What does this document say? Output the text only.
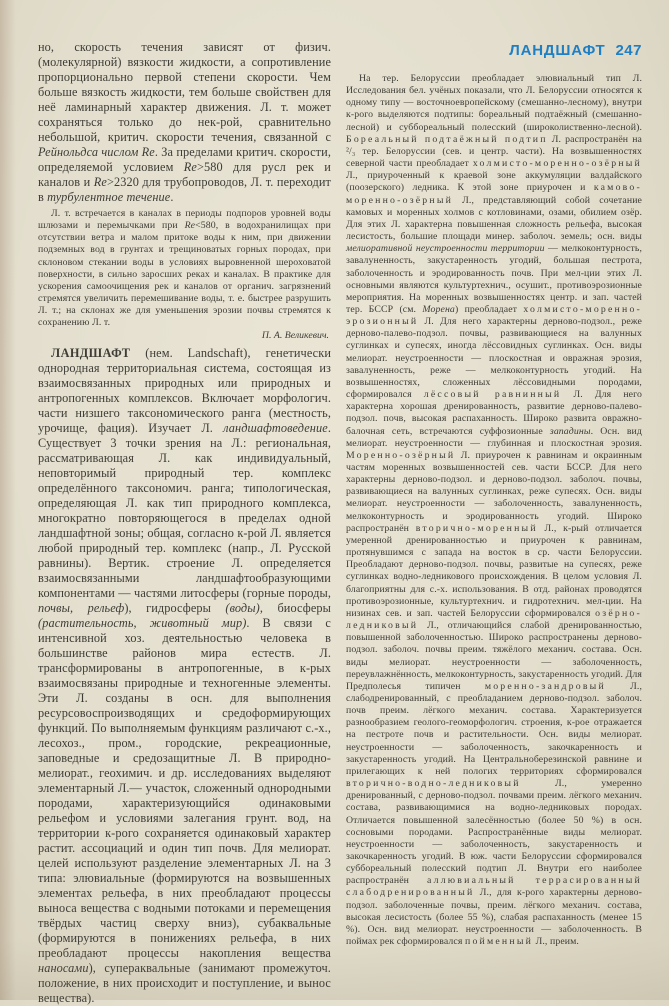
но, скорость течения зависят от физич. (молекулярной) вязкости жидкости, а сопротивление пропорционально первой степени скорости. Чем больше вязкость жидкости, тем больше свойствен для неё ламинарный характер движения. Л. т. может сохраняться только до нек-рой, сравнительно небольшой, критич. скорости течения, связанной с Рейнольдса числом Re. За пределами критич. скорости, определяемой условием Re>580 для русл рек и каналов и Re>2320 для трубопроводов, Л. т. переходит в турбулентное течение.

Л. т. встречается в каналах в периоды подпоров уровней воды шлюзами и перемычками при Re<580, в водохранилищах при отсутствии ветра и малом притоке воды к ним, при движении подземных вод в грунтах и трещиноватых горных породах, при склоновом стекании воды в условиях выровненной шероховатой поверхности, в сильно заросших реках и каналах. В практике для ускорения самоочищения рек и каналов от органич. загрязнений стремятся увеличить перемешивание воды, т. е. быстрее разрушить Л. т.; на склонах же для уменьшения эрозии почвы стремятся к сохранению Л. т.

П. А. Великевич.

ЛАНДШАФТ (нем. Landschaft), генетически однородная территориальная система, состоящая из взаимосвязанных природных или природных и антропогенных комплексов. Включает морфологич. части низшего таксономического ранга (местность, урочище, фация). Изучает Л. ландшафтоведение. Существует 3 точки зрения на Л.: региональная, рассматривающая Л. как индивидуальный, неповторимый природный тер. комплекс определённого таксономич. ранга; типологическая, определяющая Л. как тип природного комплекса, многократно повторяющегося в пределах одной ландшафтной зоны; общая, согласно к-рой Л. является любой природный тер. комплекс (напр., Л. Русской равнины). Вертик. строение Л. определяется взаимосвязанными ландшафтообразующими компонентами — частями литосферы (горные породы, почвы, рельеф), гидросферы (воды), биосферы (растительность, животный мир). В связи с интенсивной хоз. деятельностью человека в большинстве районов мира естеств. Л. трансформированы в антропогенные, в к-рых взаимосвязаны природные и техногенные элементы. Эти Л. созданы в осн. для выполнения ресурсовоспроизводящих и средоформирующих функций. По выполняемым функциям различают с.-х., лесохоз., пром., городские, рекреационные, заповедные и средозащитные Л. В природно-мелиорат., геохимич. и др. исследованиях выделяют элементарный Л.— участок, сложенный однородными породами, характеризующийся одинаковыми рельефом и условиями залегания грунт. вод, на территории к-рого сохраняется одинаковый характер растит. ассоциаций и один тип почв. Для мелиорат. целей используют разделение элементарных Л. на 3 типа: элювиальные (формируются на возвышенных элементах рельефа, в них преобладают процессы выноса вещества с водными потоками и перемещения твёрдых частиц сверху вниз), субаквальные (формируются в понижениях рельефа, в них преобладают процессы накопления вещества наносами), супераквальные (занимают промежуточ. положение, в них происходит и поступление, и вынос вещества).

ЛАНДШАФТ 247

На тер. Белоруссии преобладает элювиальный тип Л. Исследования бел. учёных показали, что Л. Белоруссии относятся к одному типу — восточноевропейскому (смешанно-лесному), внутри к-рого выделяются подтипы: бореальный подтаёжный (смешанно-лесной) и суббореальный полесский (широколиственно-лесной). Бореальный подтаёжный подтип Л. распространён на ²/₃ тер. Белоруссии (сев. и центр. части). На возвышенностях северной части преобладает холмисто-моренно-озёрный Л., приуроченный к краевой зоне аккумуляции валдайского (поозерского) ледника. К этой зоне приурочен и камово-моренно-озёрный Л., представляющий собой сочетание камовых и моренных холмов с котловинами, озами, обилием озёр. Для этих Л. характерна повышенная сложность рельефа, высокая лесистость, большие площади минер. заболоч. земель; осн. виды мелиоративной неустроенности территории — мелкоконтурность, завалуненность, закустаренность угодий, большая пестрота, заболоченность и эродированность почв. При мел-ции этих Л. основными являются культуртехнич., осушит., противоэрозионные мероприятия. На моренных возвышенностях центр. и зап. частей тер. БССР (см. Морена) преобладает холмисто-моренно-эрозионный Л. Для него характерны дерново-подзол., реже дерново-палево-подзол. почвы, развивающиеся на валунных суглинках и супесях, иногда лёссовидных суглинках. Осн. виды мелиорат. неустроенности — плоскостная и овражная эрозия, завалуненность, реже — мелкоконтурность угодий. На возвышенностях, сложенных лёссовидными породами, сформировался лёссовый равнинный Л. Для него характерна хорошая дренированность, развитие дерново-палево-подзол. почв, высокая распаханность. Широко развита овражно-балочная сеть, встречаются суффозионные западины. Осн. вид мелиорат. неустроенности — глубинная и плоскостная эрозия. Моренно-озёрный Л. приурочен к равнинам и окраинным частям моренных возвышенностей сев. части БССР. Для него характерны дерново-подзол. и дерново-подзол. заболоч. почвы, развивающиеся на валунных суглинках, реже супесях. Осн. виды мелиорат. неустроенности — заболоченность, завалуненность, мелкоконтурность и эродированность угодий. Широко распространён вторично-моренный Л., к-рый отличается умеренной дренированностью и приурочен к равнинам, протянувшимся с запада на восток в ср. части Белоруссии. Преобладают дерново-подзол. почвы, развитые на супесях, реже суглинках водно-ледникового происхождения. В целом условия Л. благоприятны для с.-х. использования. В отд. районах проводятся противоэрозионные, культуртехнич. и гидротехнич. мел-ции. На низинах сев. и зап. частей Белоруссии сформировался озёрно-ледниковый Л., отличающийся слабой дренированностью, повышенной заболоченностью. Широко распространены дерново-подзол. заболоч. почвы преим. тяжёлого механич. состава. Осн. виды мелиорат. неустроенности — заболоченность, переувлажнённость, мелкоконтурность, закустаренность угодий. Для Предполесья типичен моренно-зандровый Л., слабодренированный, с преобладанием дерново-подзол. заболоч. почв преим. лёгкого механич. состава. Характеризуется разнообразием геолого-геоморфологич. строения, к-рое отражается на пестроте почв и растительности. Осн. виды мелиорат. неустроенности — заболоченность, закочкаренность и закустаренность угодий. На Центральноберезинской равнине и прилегающих к ней пологих территориях сформировался вторично-водно-ледниковый Л., умеренно дренированный, с дерново-подзол. почвами преим. лёгкого механич. состава, развивающимися на водно-ледниковых породах. Отличается повышенной залесённостью (более 50 %) в осн. сосновыми породами. Распространённые виды мелиорат. неустроенности — заболоченность, закустаренность и закочкаренность угодий. В юж. части Белоруссии сформировался суббореальный полесский подтип Л. Внутри его наиболее распространён аллювиальный террасированный слабодренированный Л., для к-рого характерны дерново-подзол. заболоченные почвы, преим. лёгкого механич. состава, высокая лесистость (более 55 %), слабая распаханность (менее 15 %). Осн. вид мелиорат. неустроенности — заболоченность. В поймах рек сформировался пойменный Л., преим.
